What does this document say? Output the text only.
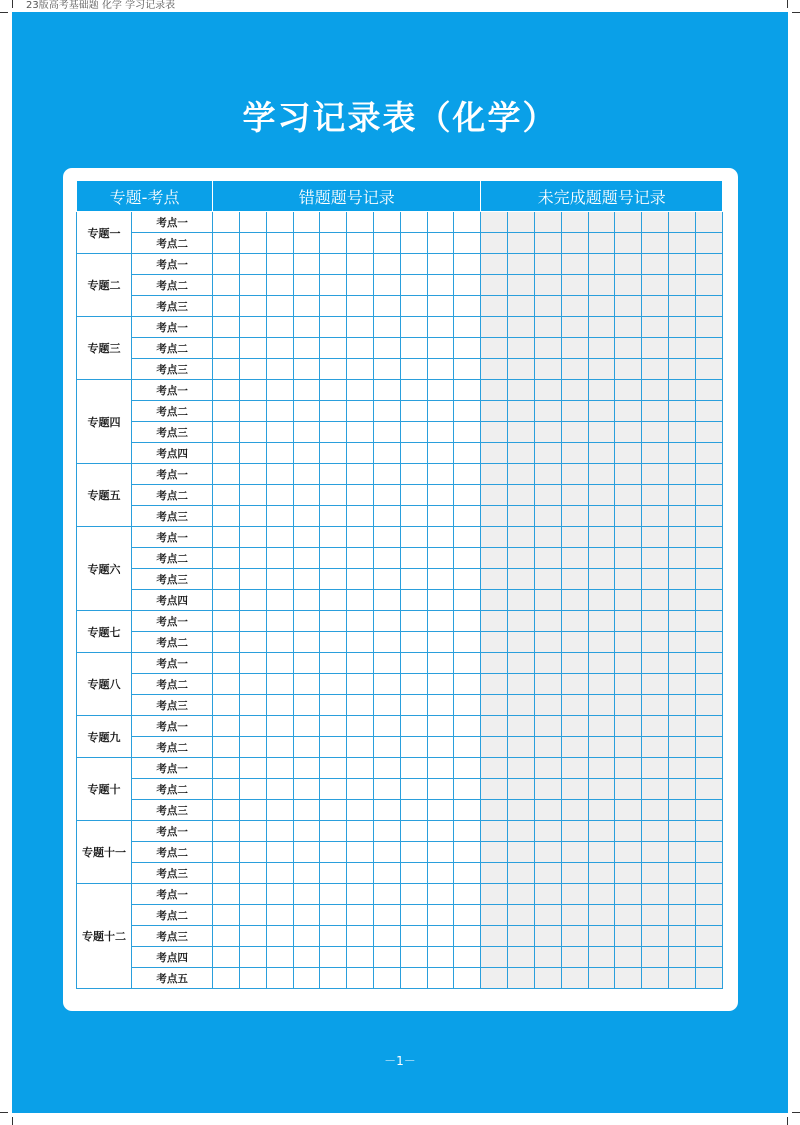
23版高考基础题 化学 学习记录表
学习记录表（化学）
专题-考点		错题题号记录										未完成题题号记录								
专题一	考点一																			
	考点二																			
专题二	考点一																			
	考点二																			
	考点三																			
专题三	考点一																			
	考点二																			
	考点三																			
专题四	考点一																			
	考点二																			
	考点三																			
	考点四																			
专题五	考点一																			
	考点二																			
	考点三																			
专题六	考点一																			
	考点二																			
	考点三																			
	考点四																			
专题七	考点一																			
	考点二																			
专题八	考点一																			
	考点二																			
	考点三																			
专题九	考点一																			
	考点二																			
专题十	考点一																			
	考点二																			
	考点三																			
专题十一	考点一																			
	考点二																			
	考点三																			
专题十二	考点一																			
	考点二																			
	考点三																			
	考点四																			
	考点五																			
－1－
